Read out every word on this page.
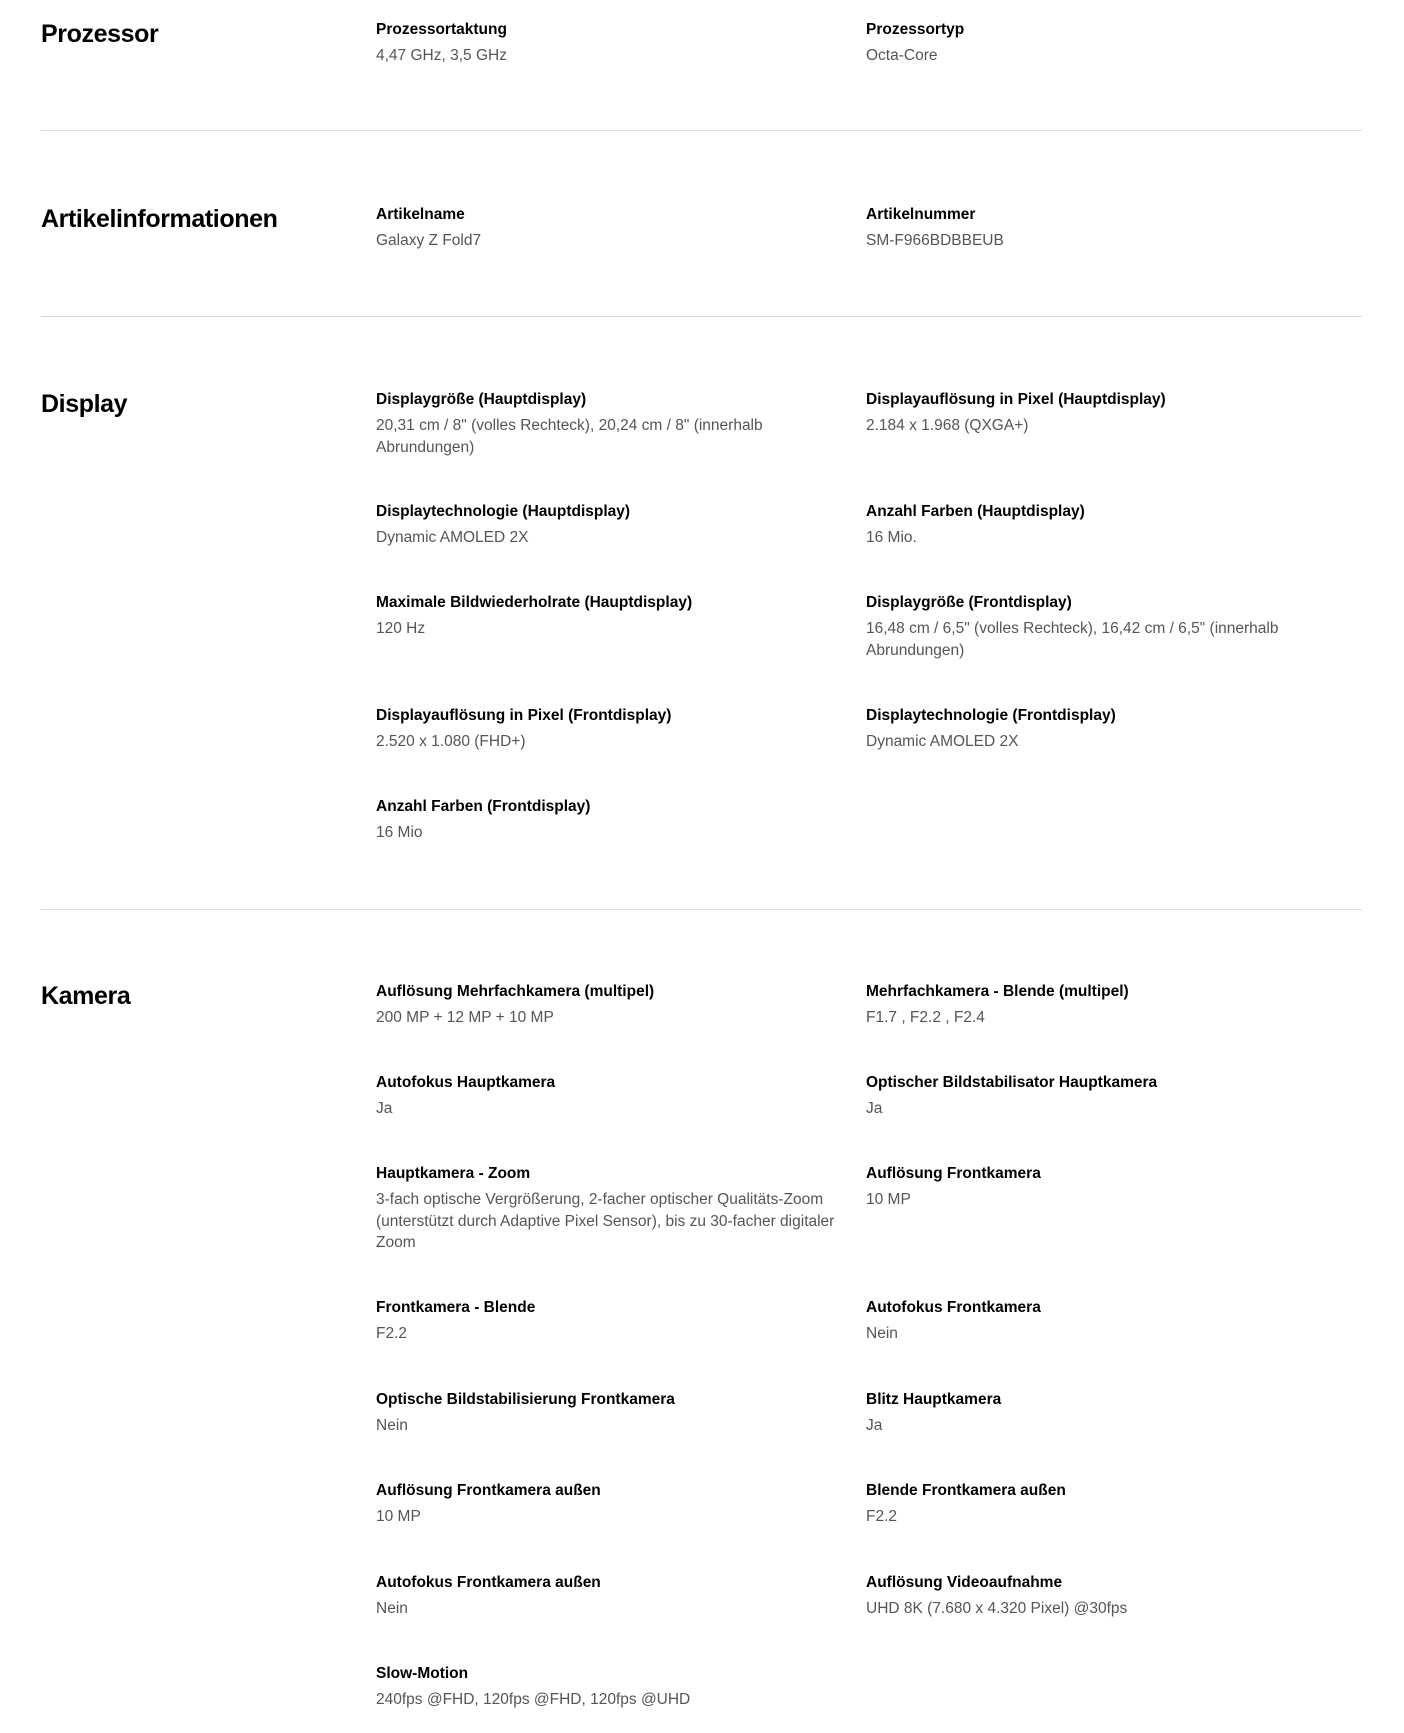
Prozessor	Prozessortaktung
4,47 GHz, 3,5 GHz
Prozessortyp
Octa-Core
Artikelinformationen	Artikelname
Galaxy Z Fold7
Artikelnummer
SM-F966BDBBEUB
Display	Displaygröße (Hauptdisplay)
20,31 cm / 8" (volles Rechteck), 20,24 cm / 8" (innerhalb Abrundungen)
Displayauflösung in Pixel (Hauptdisplay)
2.184 x 1.968 (QXGA+)
Displaytechnologie (Hauptdisplay)
Dynamic AMOLED 2X
Anzahl Farben (Hauptdisplay)
16 Mio.
Maximale Bildwiederholrate (Hauptdisplay)
120 Hz
Displaygröße (Frontdisplay)
16,48 cm / 6,5" (volles Rechteck), 16,42 cm / 6,5" (innerhalb Abrundungen)
Displayauflösung in Pixel (Frontdisplay)
2.520 x 1.080 (FHD+)
Displaytechnologie (Frontdisplay)
Dynamic AMOLED 2X
Anzahl Farben (Frontdisplay)
16 Mio
Kamera	Auflösung Mehrfachkamera (multipel)
200 MP + 12 MP + 10 MP
Mehrfachkamera - Blende (multipel)
F1.7 , F2.2 , F2.4
Autofokus Hauptkamera
Ja
Optischer Bildstabilisator Hauptkamera
Ja
Hauptkamera - Zoom
3-fach optische Vergrößerung, 2-facher optischer Qualitäts-Zoom (unterstützt durch Adaptive Pixel Sensor), bis zu 30-facher digitaler Zoom
Auflösung Frontkamera
10 MP
Frontkamera - Blende
F2.2
Autofokus Frontkamera
Nein
Optische Bildstabilisierung Frontkamera
Nein
Blitz Hauptkamera
Ja
Auflösung Frontkamera außen
10 MP
Blende Frontkamera außen
F2.2
Autofokus Frontkamera außen
Nein
Auflösung Videoaufnahme
UHD 8K (7.680 x 4.320 Pixel) @30fps
Slow-Motion
240fps @FHD, 120fps @FHD, 120fps @UHD
